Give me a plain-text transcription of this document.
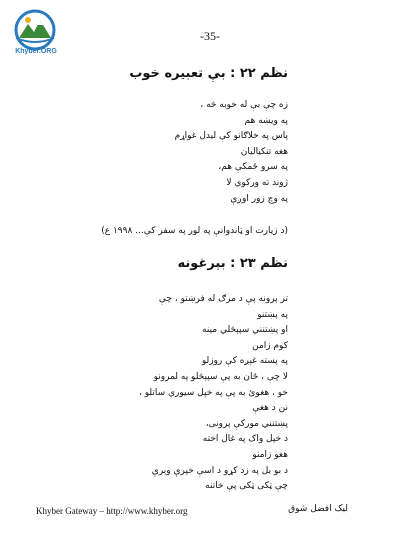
Khyber.ORG
-35-
نظم ۲۲ : بې تعبيره خوب
زه چې بې له خوبه څه ،
په ویښه هم
پاس په خلاګانو کې لیدل غواړم
هغه تنکیالیان
په سرو ځمکې هم،
ژوند ته ورکوي لا
په وچ زور اوږې
(د زیارت او ټاندوانې په لور په سفر کې... ۱۹۹۸ ع)
نظم ۲۳ : بېرغونه
تر پرونه پې د مرګ له فرښتو ، چې
په پښتنو
او پښتنني سپېڅلي مينه
کوم زامن
په پسته غېږه کې روزلو
لا چې ، ځان به پې سپېڅلو په لمرونو
خو ، هغوئ به پې په خپل سيوري ساتلو ،
نن د هغې
پښتنني مورکې پرونی،
د خپل واک په غال اخته
هغو زامنو
د بو بل په زد کړو د اسې خپرې وېرې
چې ټکی ټکی پې خاتنه
Khyber Gateway – http://www.khyber.org	لیک افضل شوق
